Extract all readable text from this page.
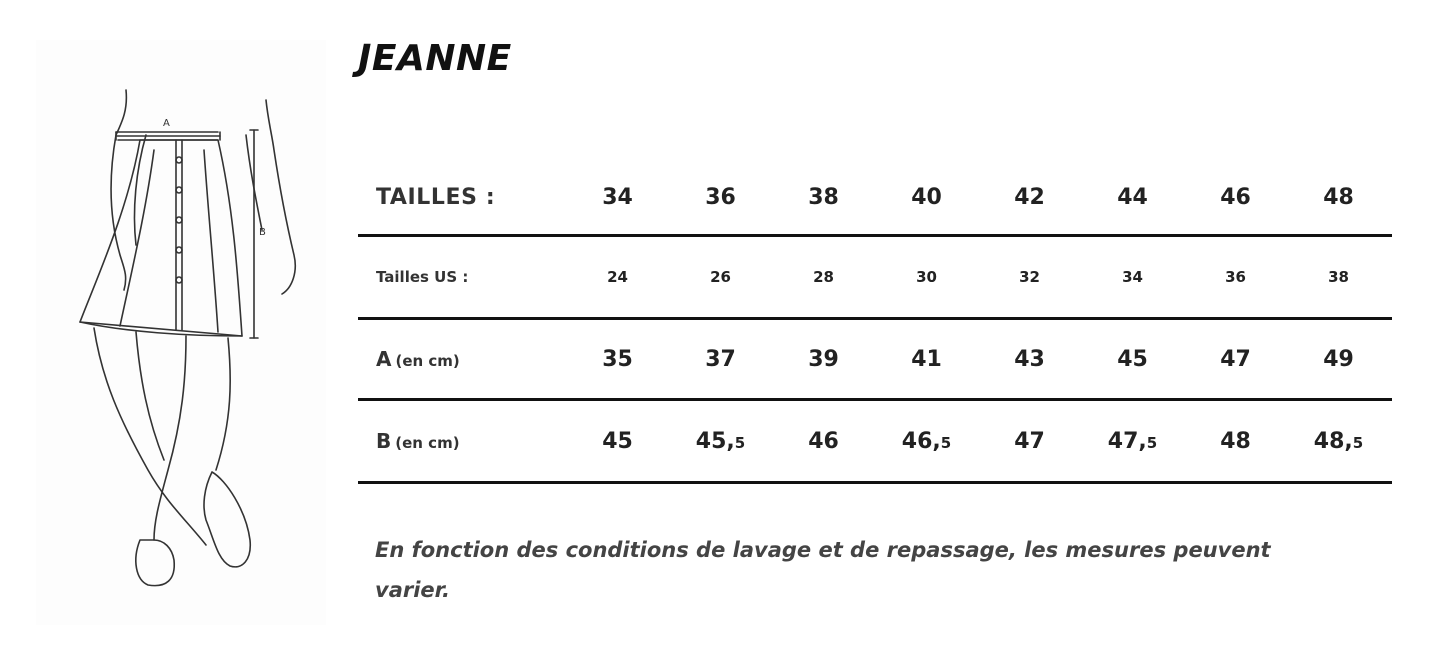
A
B
JEANNE
TAILLES :	34	36	38	40	42	44	46	48
Tailles US :	24	26	28	30	32	34	36	38
A (en cm)	35	37	39	41	43	45	47	49
B (en cm)	45	45,5	46	46,5	47	47,5	48	48,5

En fonction des conditions de lavage et de repassage, les mesures peuvent varier.
